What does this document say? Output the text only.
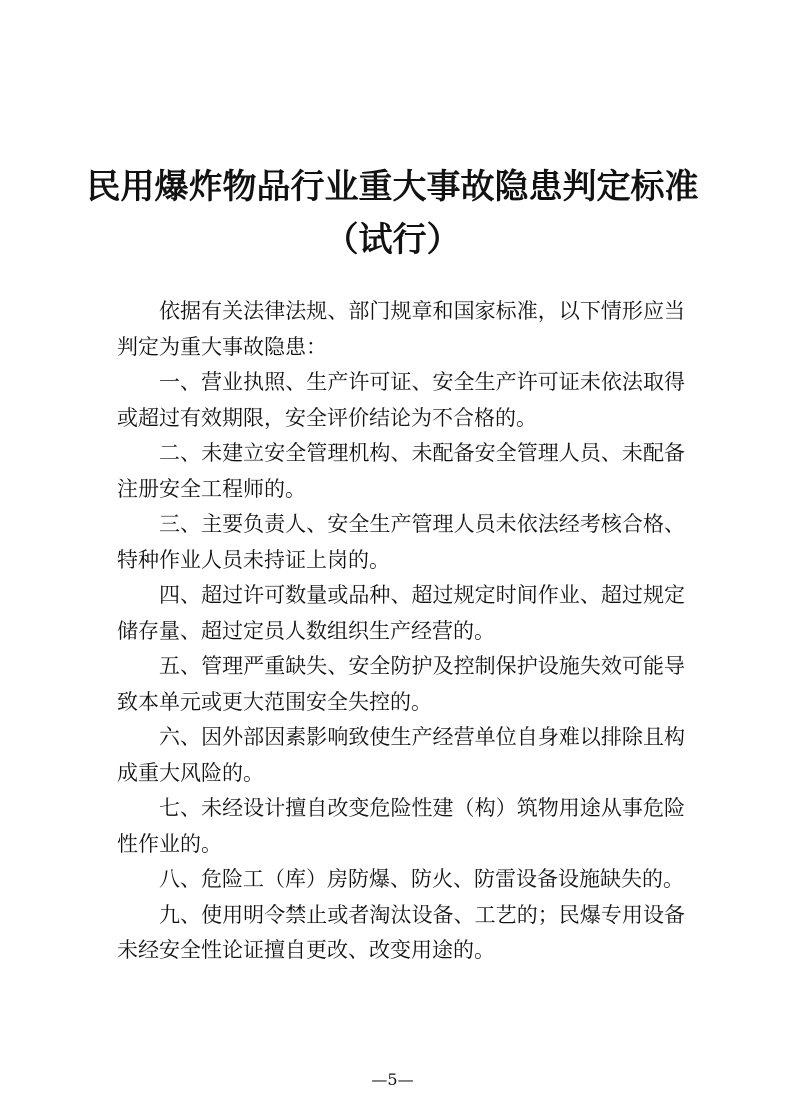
民用爆炸物品行业重大事故隐患判定标准
（试行）

依据有关法律法规、部门规章和国家标准，以下情形应当判定为重大事故隐患：

一、营业执照、生产许可证、安全生产许可证未依法取得或超过有效期限，安全评价结论为不合格的。

二、未建立安全管理机构、未配备安全管理人员、未配备注册安全工程师的。

三、主要负责人、安全生产管理人员未依法经考核合格、特种作业人员未持证上岗的。

四、超过许可数量或品种、超过规定时间作业、超过规定储存量、超过定员人数组织生产经营的。

五、管理严重缺失、安全防护及控制保护设施失效可能导致本单元或更大范围安全失控的。

六、因外部因素影响致使生产经营单位自身难以排除且构成重大风险的。

七、未经设计擅自改变危险性建（构）筑物用途从事危险性作业的。

八、危险工（库）房防爆、防火、防雷设备设施缺失的。

九、使用明令禁止或者淘汰设备、工艺的；民爆专用设备未经安全性论证擅自更改、改变用途的。

—5—
